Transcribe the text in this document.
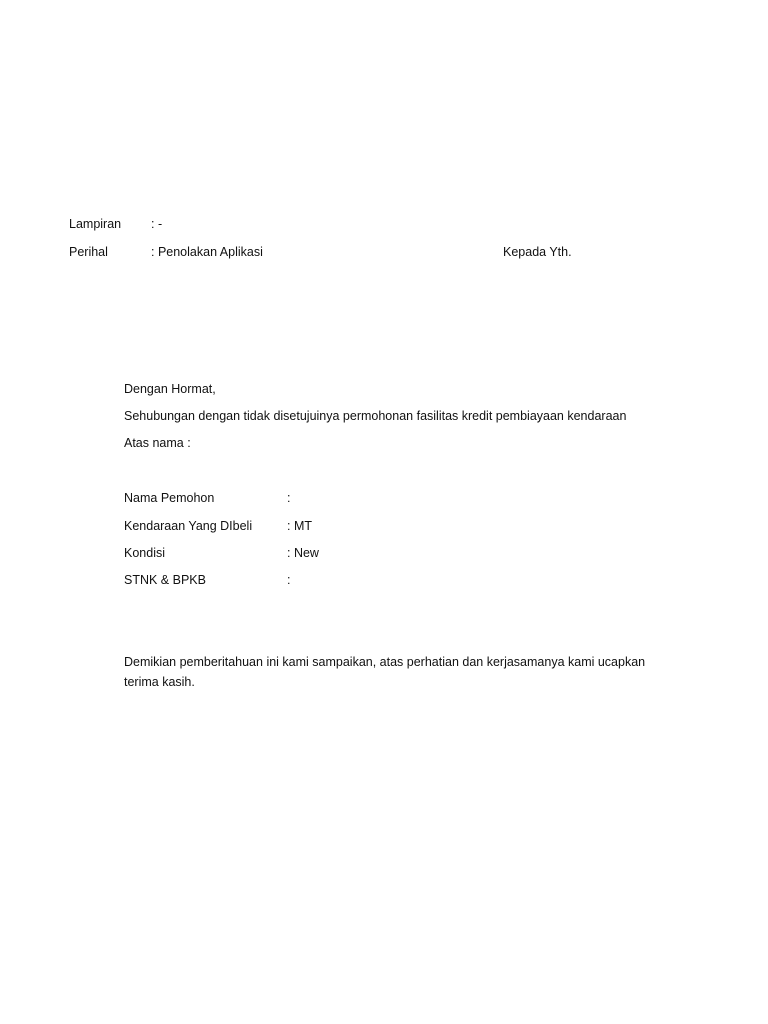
Lampiran : -
Perihal	: Penolakan Aplikasi	Kepada Yth.
Dengan Hormat,
Sehubungan dengan tidak disetujuinya permohonan fasilitas kredit pembiayaan kendaraan
Atas nama :
Nama Pemohon	:
Kendaraan Yang DIbeli	: MT
Kondisi	: New
STNK & BPKB	:
Demikian pemberitahuan ini kami sampaikan, atas perhatian dan kerjasamanya kami ucapkan
terima kasih.
